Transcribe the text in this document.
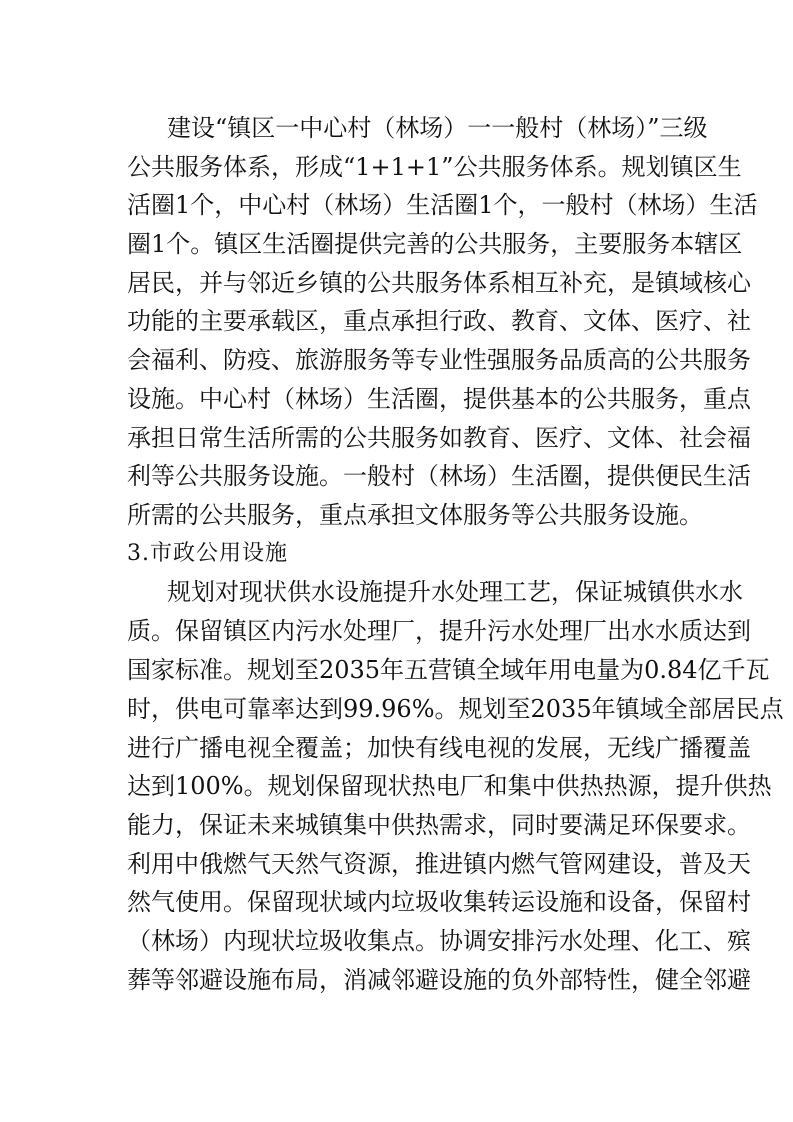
建设“镇区一中心村（林场）一一般村（林场）”三级
公共服务体系，形成“1+1+1”公共服务体系。规划镇区生
活圈1个，中心村（林场）生活圈1个，一般村（林场）生活
圈1个。镇区生活圈提供完善的公共服务，主要服务本辖区
居民，并与邻近乡镇的公共服务体系相互补充，是镇域核心
功能的主要承载区，重点承担行政、教育、文体、医疗、社
会福利、防疫、旅游服务等专业性强服务品质高的公共服务
设施。中心村（林场）生活圈，提供基本的公共服务，重点
承担日常生活所需的公共服务如教育、医疗、文体、社会福
利等公共服务设施。一般村（林场）生活圈，提供便民生活
所需的公共服务，重点承担文体服务等公共服务设施。
3.市政公用设施
规划对现状供水设施提升水处理工艺，保证城镇供水水
质。保留镇区内污水处理厂，提升污水处理厂出水水质达到
国家标准。规划至2035年五营镇全域年用电量为0.84亿千瓦
时，供电可靠率达到99.96%。规划至2035年镇域全部居民点
进行广播电视全覆盖；加快有线电视的发展，无线广播覆盖
达到100%。规划保留现状热电厂和集中供热热源，提升供热
能力，保证未来城镇集中供热需求，同时要满足环保要求。
利用中俄燃气天然气资源，推进镇内燃气管网建设，普及天
然气使用。保留现状域内垃圾收集转运设施和设备，保留村
（林场）内现状垃圾收集点。协调安排污水处理、化工、殡
葬等邻避设施布局，消减邻避设施的负外部特性，健全邻避
